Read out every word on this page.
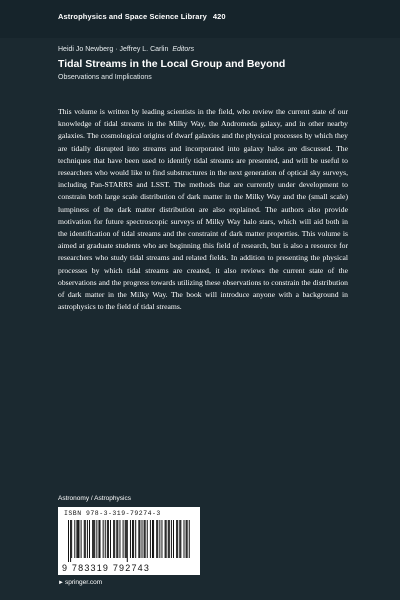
Astrophysics and Space Science Library 420
Heidi Jo Newberg · Jeffrey L. Carlin Editors
Tidal Streams in the Local Group and Beyond
Observations and Implications

This volume is written by leading scientists in the field, who review the current state of our knowledge of tidal streams in the Milky Way, the Andromeda galaxy, and in other nearby galaxies. The cosmological origins of dwarf galaxies and the physical processes by which they are tidally disrupted into streams and incorporated into galaxy halos are discussed. The techniques that have been used to identify tidal streams are presented, and will be useful to researchers who would like to find substructures in the next generation of optical sky surveys, including Pan-STARRS and LSST. The methods that are currently under development to constrain both large scale distribution of dark matter in the Milky Way and the (small scale) lumpiness of the dark matter distribution are also explained. The authors also provide motivation for future spectroscopic surveys of Milky Way halo stars, which will aid both in the identification of tidal streams and the constraint of dark matter properties. This volume is aimed at graduate students who are beginning this field of research, but is also a resource for researchers who study tidal streams and related fields. In addition to presenting the physical processes by which tidal streams are created, it also reviews the current state of the observations and the progress towards utilizing these observations to constrain the distribution of dark matter in the Milky Way. The book will introduce anyone with a background in astrophysics to the field of tidal streams.

Astronomy / Astrophysics
ISBN 978-3-319-79274-3
9 783319 792743
►springer.com
